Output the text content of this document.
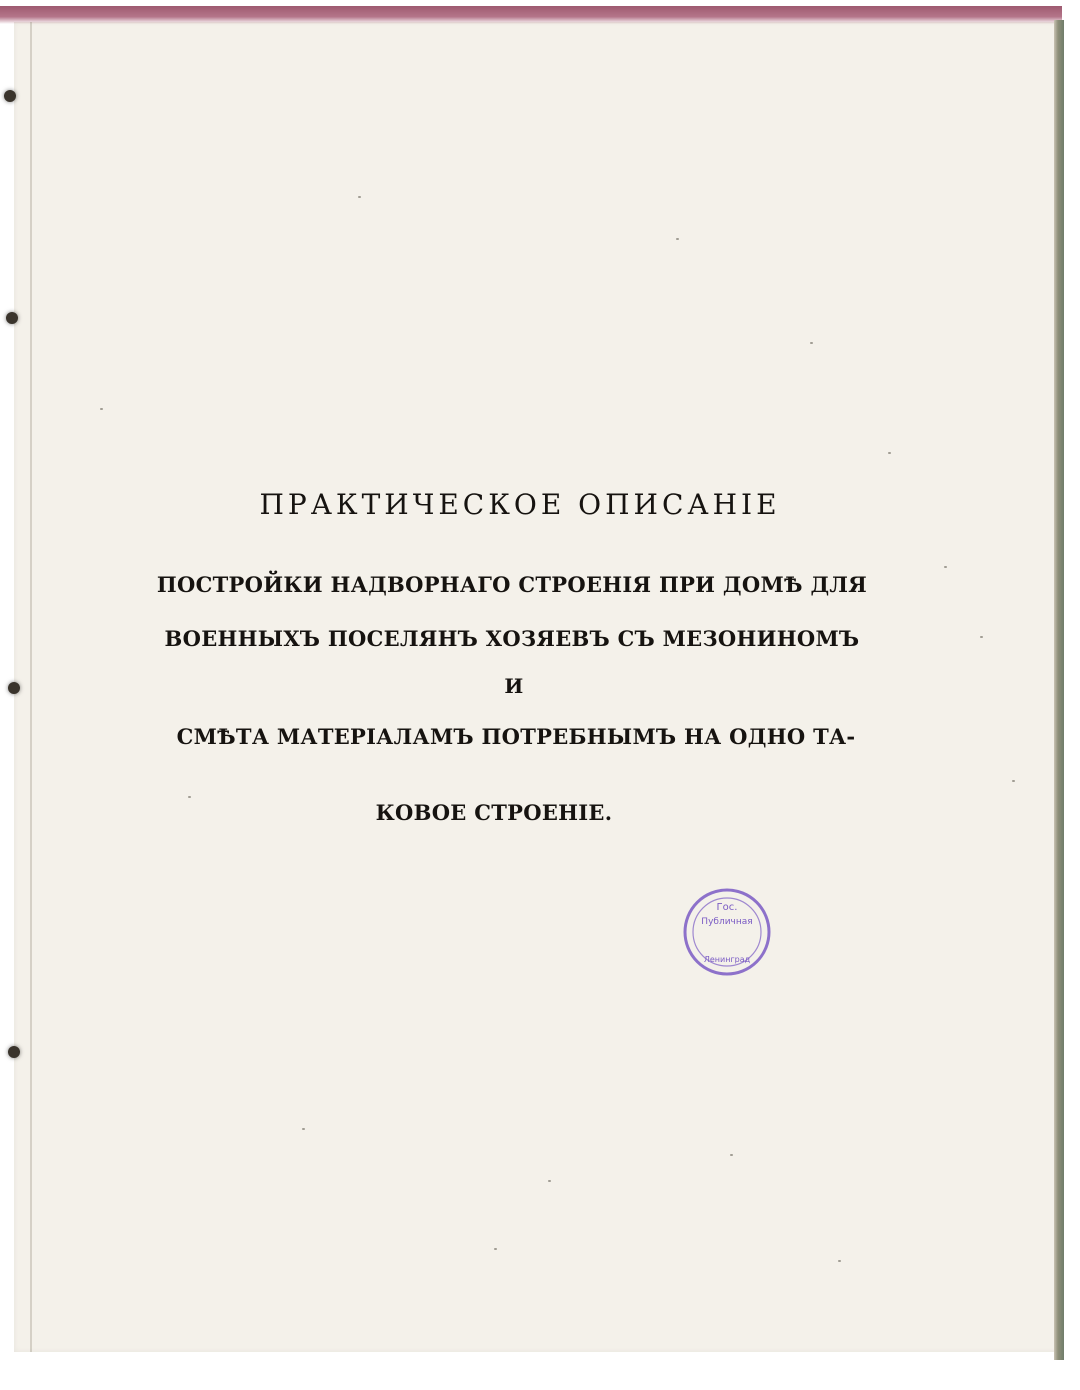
ПРАКТИЧЕСКОЕ ОПИСАНІЕ
ПОСТРОЙКИ НАДВОРНАГО СТРОЕНІЯ ПРИ ДОМѢ ДЛЯ
ВОЕННЫХЪ ПОСЕЛЯНЪ ХОЗЯЕВЪ СЪ МЕЗОНИНОМЪ
И
СМѢТА МАТЕРІАЛАМЪ ПОТРЕБНЫМЪ НА ОДНО ТА-
КОВОЕ СТРОЕНІЕ.
Гос.
Публичная
Ленинград
